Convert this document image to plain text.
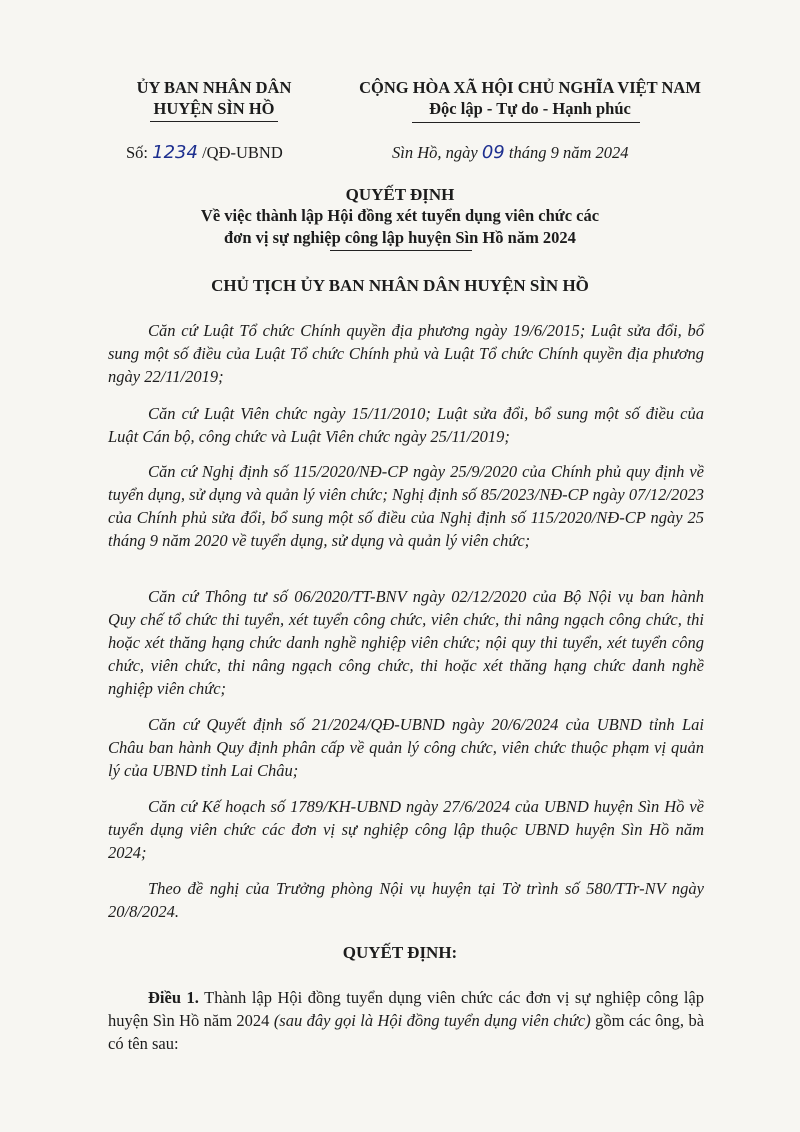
ỦY BAN NHÂN DÂN
HUYỆN SÌN HỒ
CỘNG HÒA XÃ HỘI CHỦ NGHĨA VIỆT NAM
Độc lập - Tự do - Hạnh phúc
Số: 1234 /QĐ-UBND	Sìn Hồ, ngày 09 tháng 9 năm 2024
QUYẾT ĐỊNH
Về việc thành lập Hội đồng xét tuyển dụng viên chức các
đơn vị sự nghiệp công lập huyện Sìn Hồ năm 2024
CHỦ TỊCH ỦY BAN NHÂN DÂN HUYỆN SÌN HỒ
Căn cứ Luật Tổ chức Chính quyền địa phương ngày 19/6/2015; Luật sửa đổi, bổ sung một số điều của Luật Tổ chức Chính phủ và Luật Tổ chức Chính quyền địa phương ngày 22/11/2019;
Căn cứ Luật Viên chức ngày 15/11/2010; Luật sửa đổi, bổ sung một số điều của Luật Cán bộ, công chức và Luật Viên chức ngày 25/11/2019;
Căn cứ Nghị định số 115/2020/NĐ-CP ngày 25/9/2020 của Chính phủ quy định về tuyển dụng, sử dụng và quản lý viên chức; Nghị định số 85/2023/NĐ-CP ngày 07/12/2023 của Chính phủ sửa đổi, bổ sung một số điều của Nghị định số 115/2020/NĐ-CP ngày 25 tháng 9 năm 2020 về tuyển dụng, sử dụng và quản lý viên chức;
Căn cứ Thông tư số 06/2020/TT-BNV ngày 02/12/2020 của Bộ Nội vụ ban hành Quy chế tổ chức thi tuyển, xét tuyển công chức, viên chức, thi nâng ngạch công chức, thi hoặc xét thăng hạng chức danh nghề nghiệp viên chức; nội quy thi tuyển, xét tuyển công chức, viên chức, thi nâng ngạch công chức, thi hoặc xét thăng hạng chức danh nghề nghiệp viên chức;
Căn cứ Quyết định số 21/2024/QĐ-UBND ngày 20/6/2024 của UBND tỉnh Lai Châu ban hành Quy định phân cấp về quản lý công chức, viên chức thuộc phạm vị quản lý của UBND tỉnh Lai Châu;
Căn cứ Kế hoạch số 1789/KH-UBND ngày 27/6/2024 của UBND huyện Sìn Hồ về tuyển dụng viên chức các đơn vị sự nghiệp công lập thuộc UBND huyện Sìn Hồ năm 2024;
Theo đề nghị của Trưởng phòng Nội vụ huyện tại Tờ trình số 580/TTr-NV ngày 20/8/2024.
QUYẾT ĐỊNH:
Điều 1. Thành lập Hội đồng tuyển dụng viên chức các đơn vị sự nghiệp công lập huyện Sìn Hồ năm 2024 (sau đây gọi là Hội đồng tuyển dụng viên chức) gồm các ông, bà có tên sau:
